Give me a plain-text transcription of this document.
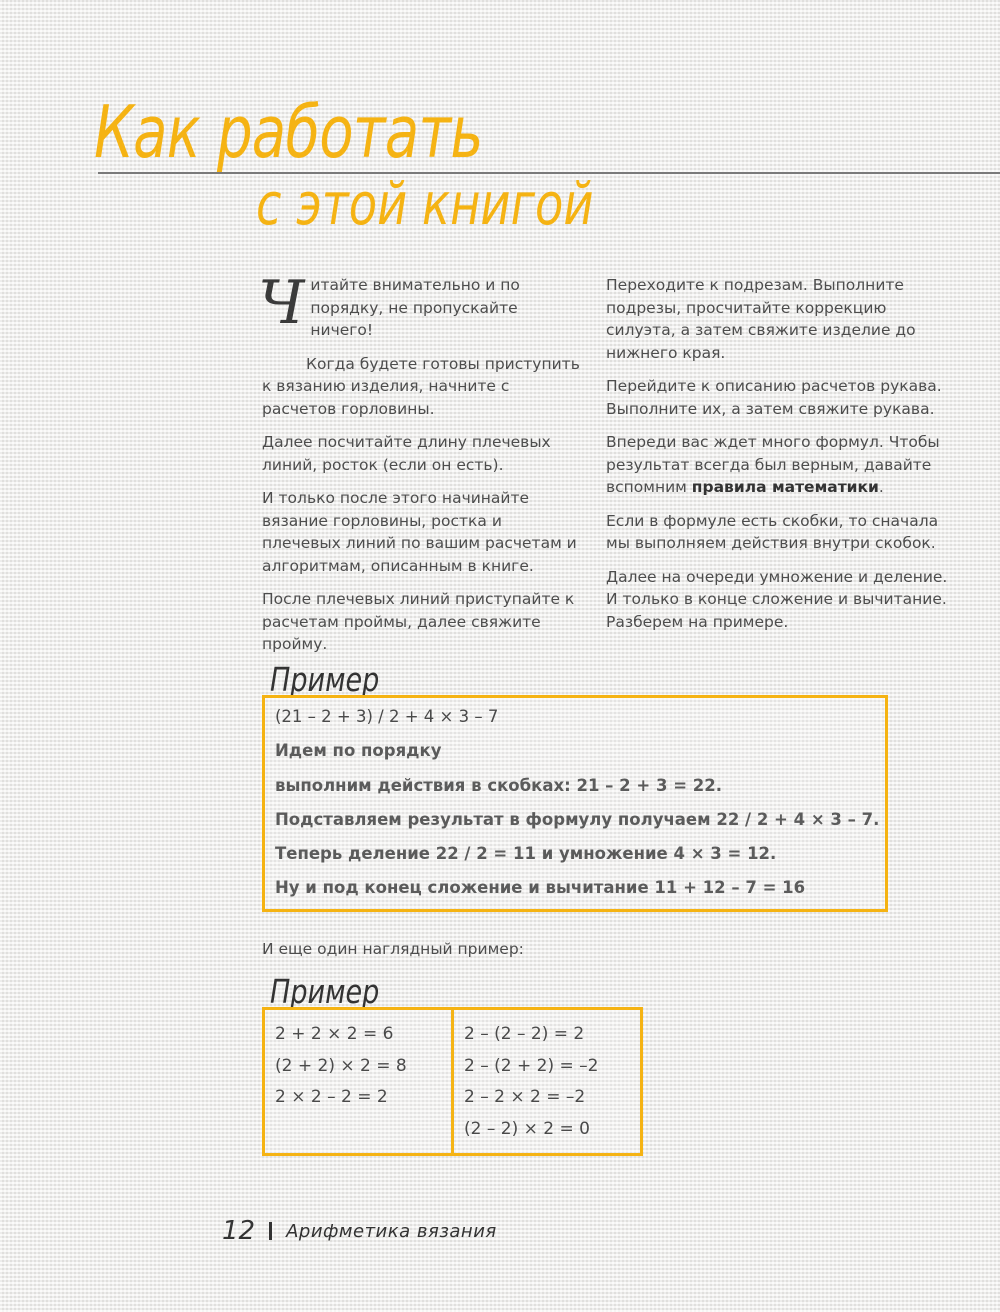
Как работать
с этой книгой

Читайте внимательно и по порядку, не пропускайте ничего!

Когда будете готовы приступить к вязанию изделия, начните с расчетов горловины.

Далее посчитайте длину плечевых линий, росток (если он есть).

И только после этого начинайте вязание горловины, ростка и плечевых линий по вашим расчетам и алгоритмам, описанным в книге.

После плечевых линий приступайте к расчетам проймы, далее свяжите пройму.

Переходите к подрезам. Выполните подрезы, просчитайте коррекцию силуэта, а затем свяжите изделие до нижнего края.

Перейдите к описанию расчетов рукава. Выполните их, а затем свяжите рукава.

Впереди вас ждет много формул. Чтобы результат всегда был верным, давайте вспомним правила математики.

Если в формуле есть скобки, то сначала мы выполняем действия внутри скобок.

Далее на очереди умножение и деление. И только в конце сложение и вычитание. Разберем на примере.

Пример
(21 – 2 + 3) / 2 + 4 × 3 – 7
Идем по порядку
выполним действия в скобках: 21 – 2 + 3 = 22.
Подставляем результат в формулу получаем 22 / 2 + 4 × 3 – 7.
Теперь деление 22 / 2 = 11 и умножение 4 × 3 = 12.
Ну и под конец сложение и вычитание 11 + 12 – 7 = 16
И еще один наглядный пример:
Пример
2 + 2 × 2 = 6
(2 + 2) × 2 = 8
2 × 2 – 2 = 2
2 – (2 – 2) = 2
2 – (2 + 2) = –2
2 – 2 × 2 = –2
(2 – 2) × 2 = 0
12 Арифметика вязания
